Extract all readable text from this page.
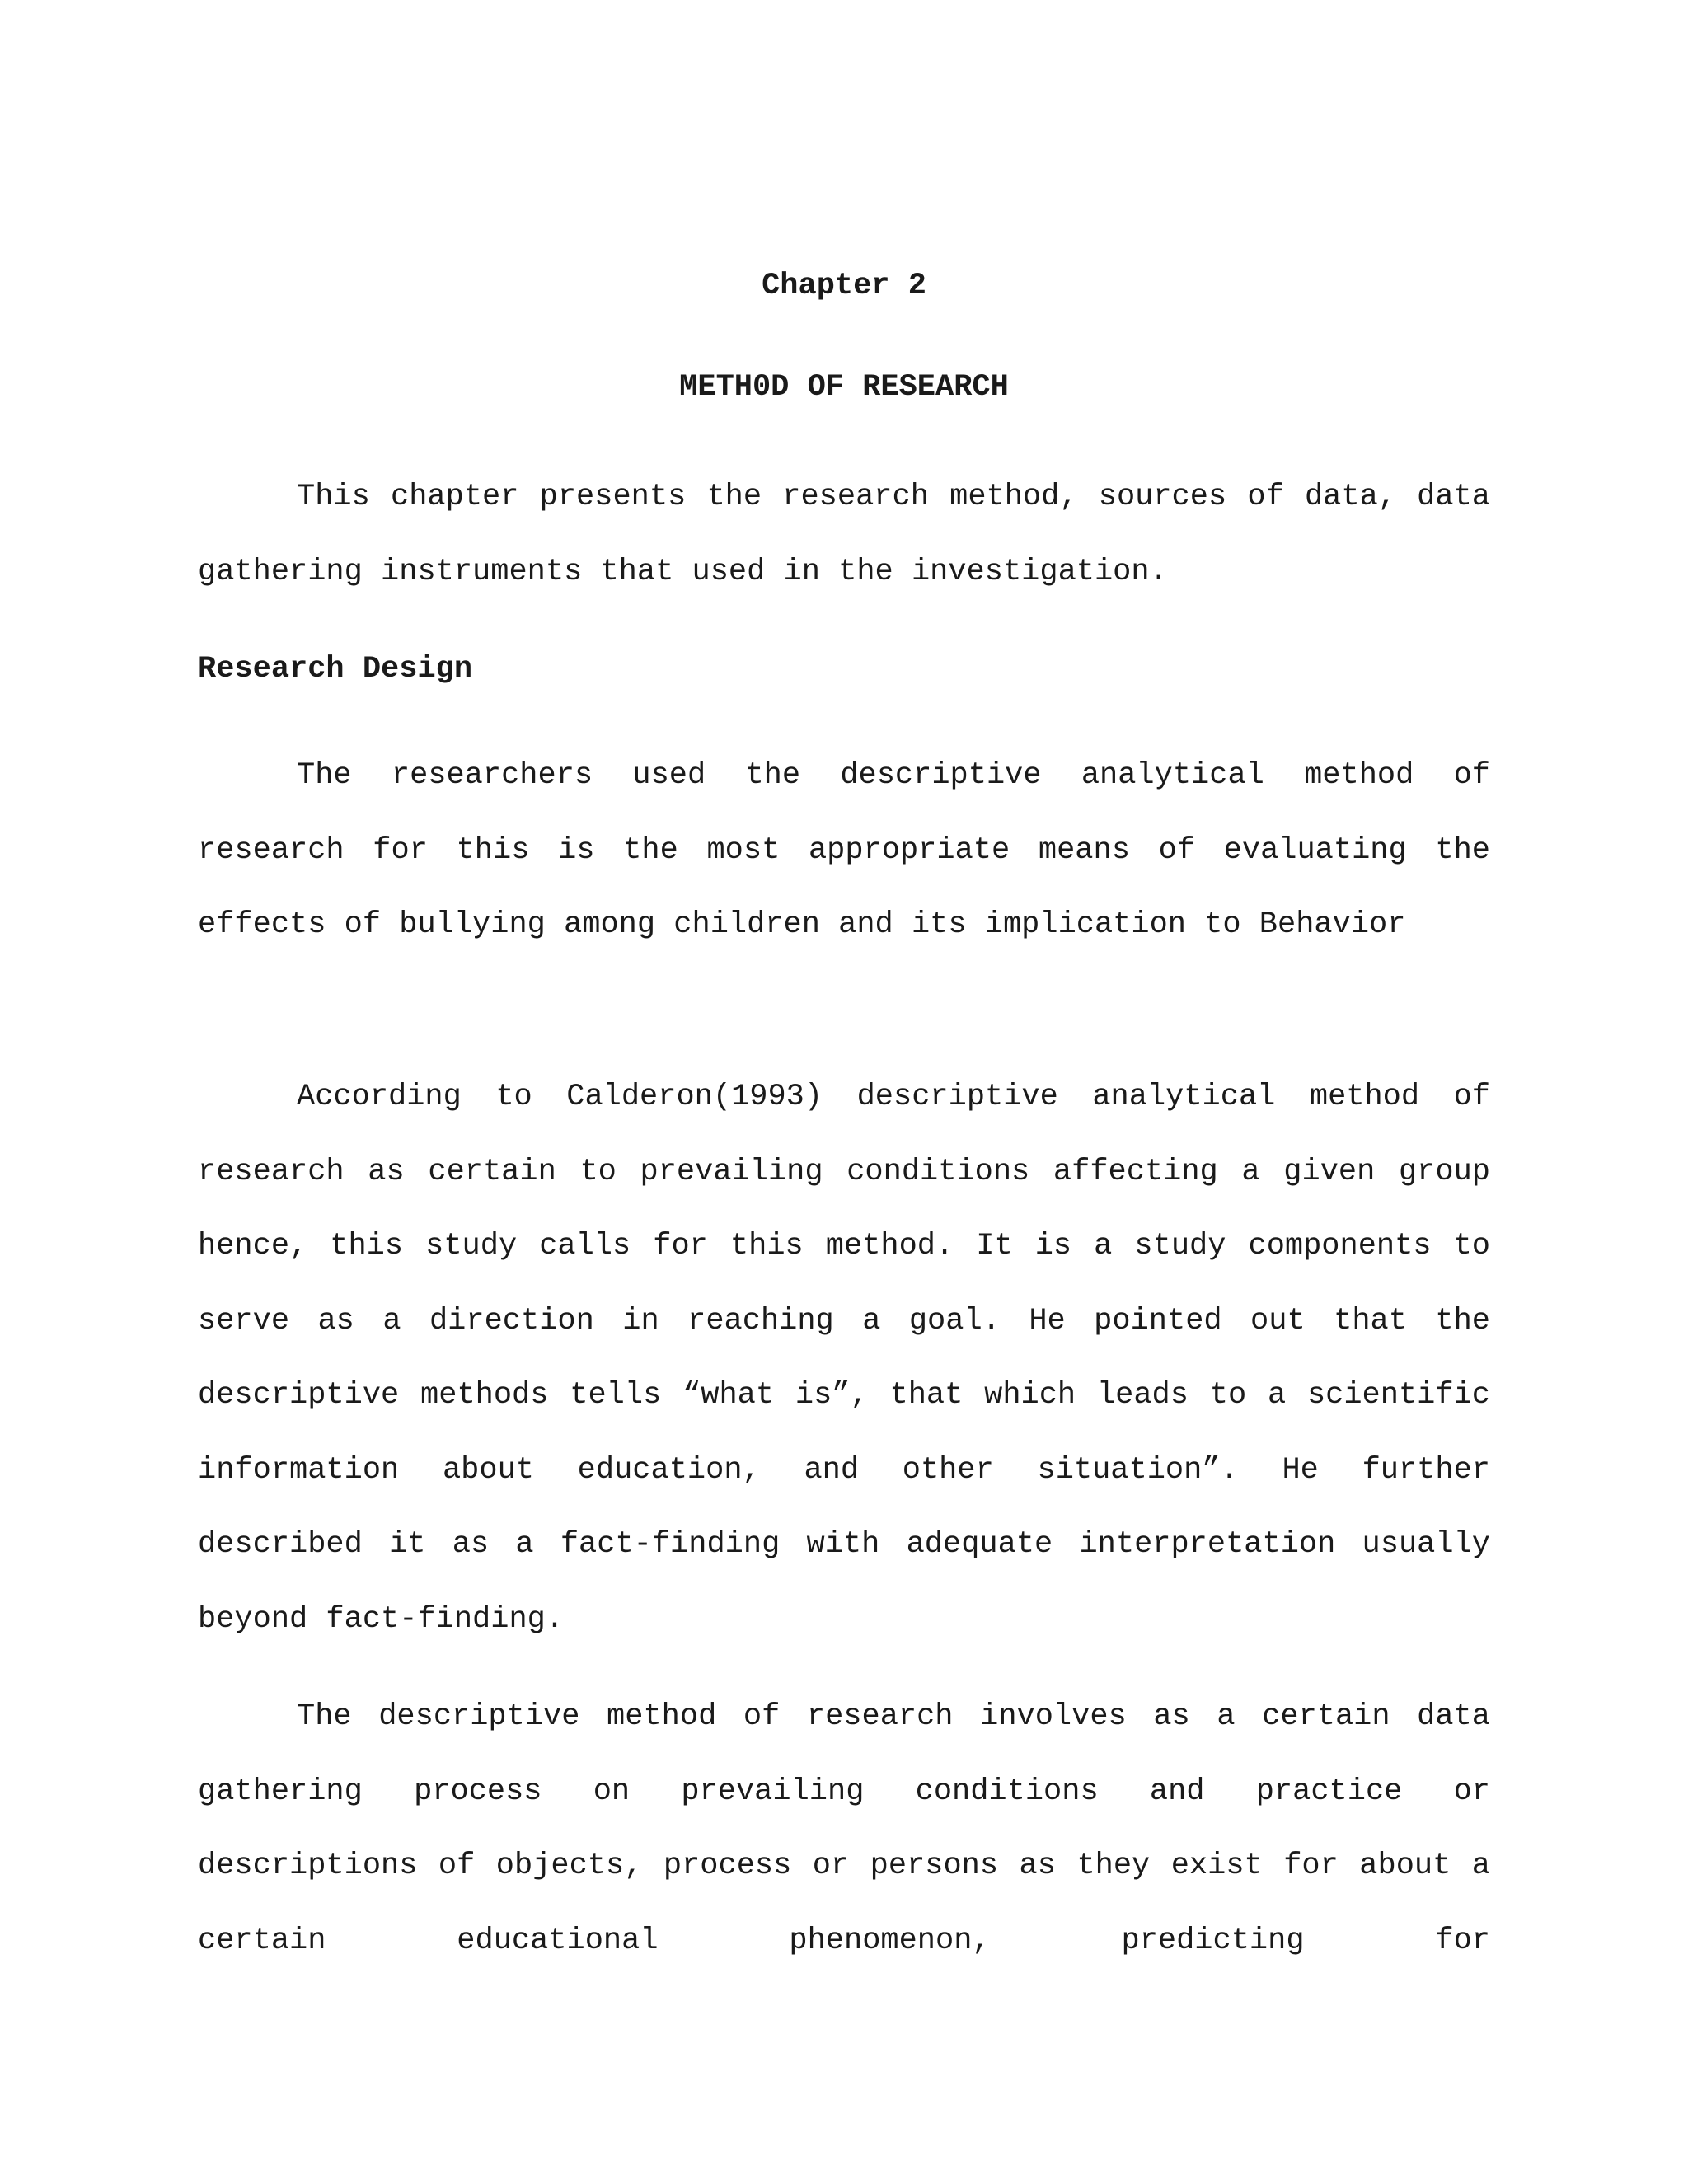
Chapter 2
METH0D OF RESEARCH

This chapter presents the research method, sources of data, data gathering instruments that used in the investigation.

Research Design

The researchers used the descriptive analytical method of research for this is the most appropriate means of evaluating the effects of bullying among children and its implication to Behavior

According to Calderon(1993) descriptive analytical method of research as certain to prevailing conditions affecting a given group hence, this study calls for this method. It is a study components to serve as a direction in reaching a goal. He pointed out that the descriptive methods tells “what is”, that which leads to a scientific information about education, and other situation”. He further described it as a fact-finding with adequate interpretation usually beyond fact-finding.

The descriptive method of research involves as a certain data gathering process on prevailing conditions and practice or descriptions of objects, process or persons as they exist for about a certain educational phenomenon, predicting for
